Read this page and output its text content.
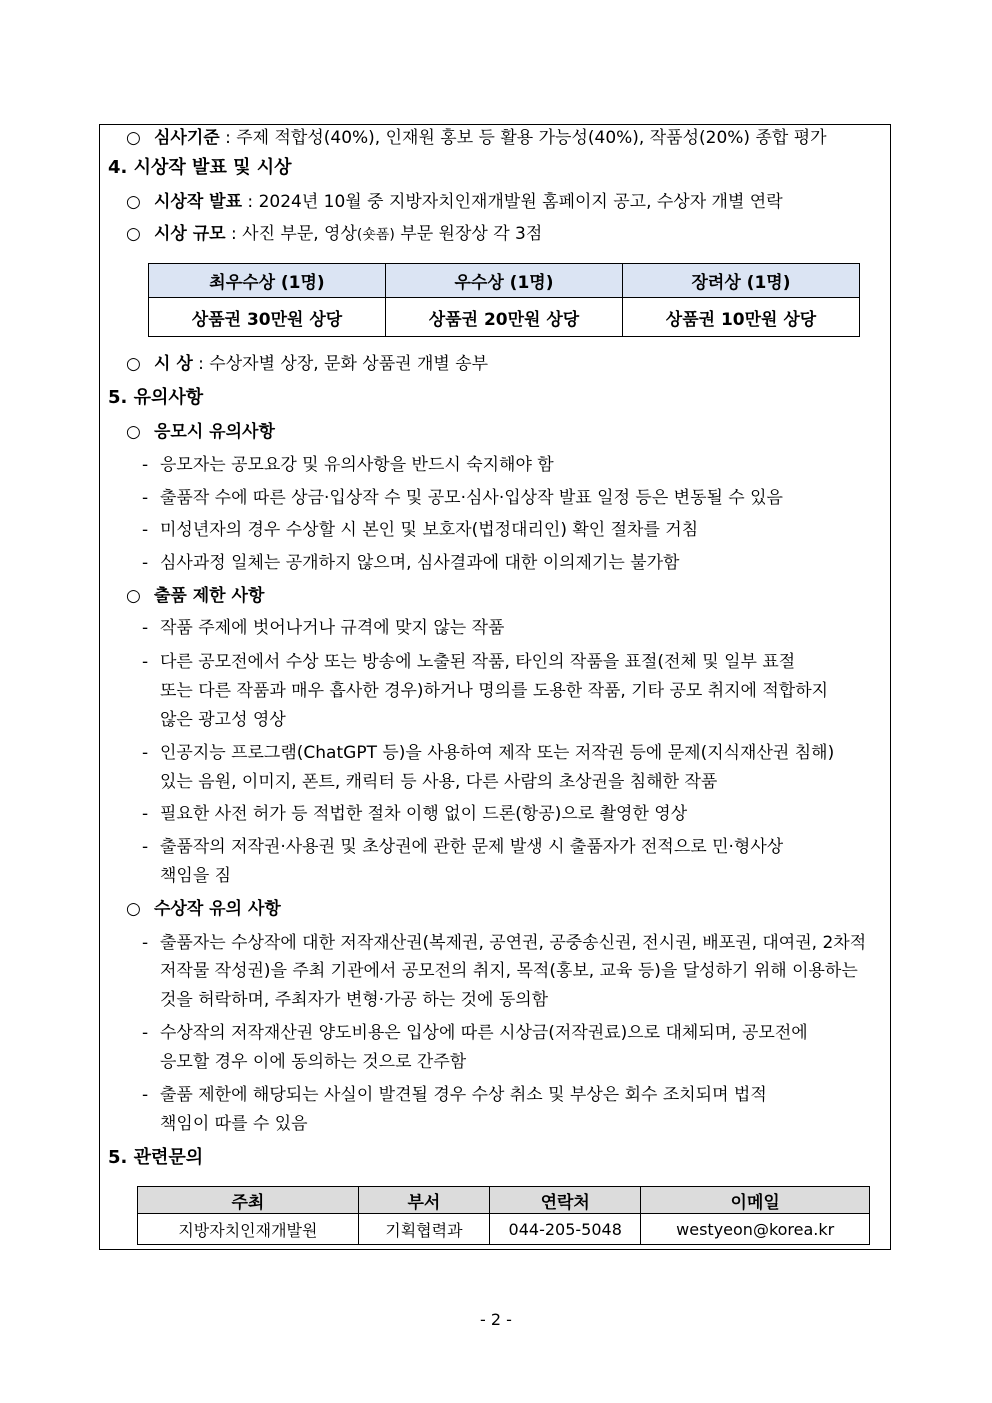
○ 심사기준 : 주제 적합성(40%), 인재원 홍보 등 활용 가능성(40%), 작품성(20%) 종합 평가
4. 시상작 발표 및 시상
○ 시상작 발표 : 2024년 10월 중 지방자치인재개발원 홈페이지 공고, 수상자 개별 연락
○ 시상 규모 : 사진 부문, 영상(숏폼) 부문 원장상 각 3점
최우수상 (1명)	우수상 (1명)	장려상 (1명)
상품권 30만원 상당	상품권 20만원 상당	상품권 10만원 상당
○ 시 상 : 수상자별 상장, 문화 상품권 개별 송부
5. 유의사항
○ 응모시 유의사항
- 응모자는 공모요강 및 유의사항을 반드시 숙지해야 함
- 출품작 수에 따른 상금·입상작 수 및 공모·심사·입상작 발표 일정 등은 변동될 수 있음
- 미성년자의 경우 수상할 시 본인 및 보호자(법정대리인) 확인 절차를 거침
- 심사과정 일체는 공개하지 않으며, 심사결과에 대한 이의제기는 불가함
○ 출품 제한 사항
- 작품 주제에 벗어나거나 규격에 맞지 않는 작품
- 다른 공모전에서 수상 또는 방송에 노출된 작품, 타인의 작품을 표절(전체 및 일부 표절
또는 다른 작품과 매우 흡사한 경우)하거나 명의를 도용한 작품, 기타 공모 취지에 적합하지
않은 광고성 영상
- 인공지능 프로그램(ChatGPT 등)을 사용하여 제작 또는 저작권 등에 문제(지식재산권 침해)
있는 음원, 이미지, 폰트, 캐릭터 등 사용, 다른 사람의 초상권을 침해한 작품
- 필요한 사전 허가 등 적법한 절차 이행 없이 드론(항공)으로 촬영한 영상
- 출품작의 저작권·사용권 및 초상권에 관한 문제 발생 시 출품자가 전적으로 민·형사상
책임을 짐
○ 수상작 유의 사항
- 출품자는 수상작에 대한 저작재산권(복제권, 공연권, 공중송신권, 전시권, 배포권, 대여권, 2차적
저작물 작성권)을 주최 기관에서 공모전의 취지, 목적(홍보, 교육 등)을 달성하기 위해 이용하는
것을 허락하며, 주최자가 변형·가공 하는 것에 동의함
- 수상작의 저작재산권 양도비용은 입상에 따른 시상금(저작권료)으로 대체되며, 공모전에
응모할 경우 이에 동의하는 것으로 간주함
- 출품 제한에 해당되는 사실이 발견될 경우 수상 취소 및 부상은 회수 조치되며 법적
책임이 따를 수 있음
5. 관련문의
주최	부서	연락처	이메일
지방자치인재개발원	기획협력과	044-205-5048	westyeon@korea.kr
- 2 -
